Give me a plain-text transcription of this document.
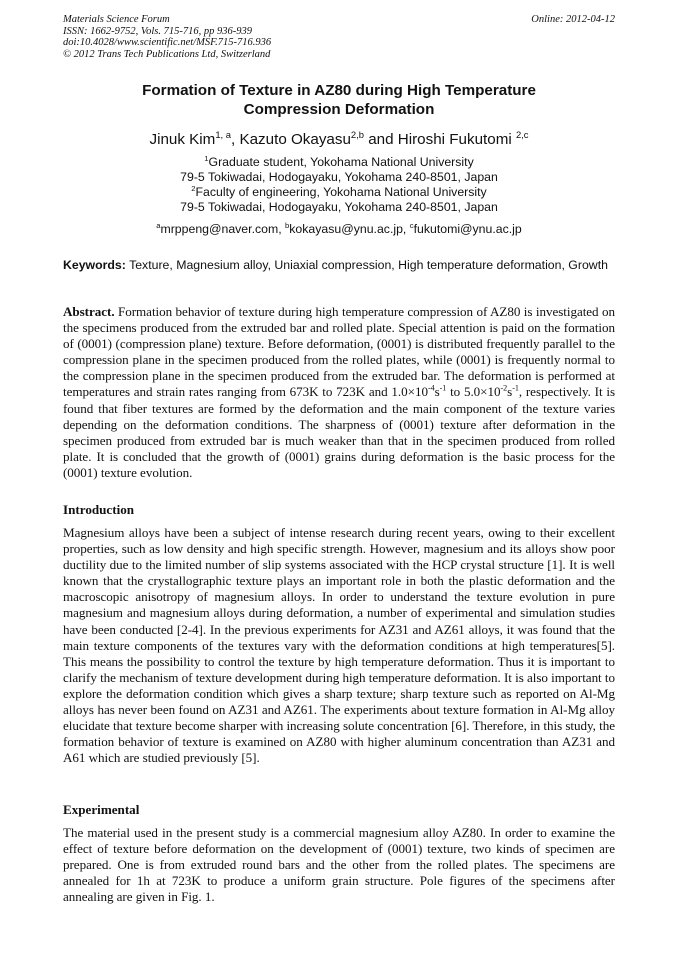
Materials Science Forum
ISSN: 1662-9752, Vols. 715-716, pp 936-939
doi:10.4028/www.scientific.net/MSF.715-716.936
© 2012 Trans Tech Publications Ltd, Switzerland
Online: 2012-04-12
Formation of Texture in AZ80 during High Temperature
Compression Deformation
Jinuk Kim$^{1, a}$, Kazuto Okayasu$^{2,b}$ and Hiroshi Fukutomi $^{2,c}$
$^1$Graduate student, Yokohama National University
79-5 Tokiwadai, Hodogayaku, Yokohama 240-8501, Japan
$^2$Faculty of engineering, Yokohama National University
79-5 Tokiwadai, Hodogayaku, Yokohama 240-8501, Japan
$^a$mrppeng@naver.com, $^b$kokayasu@ynu.ac.jp, $^c$fukutomi@ynu.ac.jp
Keywords: Texture, Magnesium alloy, Uniaxial compression, High temperature deformation, Growth
Abstract. Formation behavior of texture during high temperature compression of AZ80 is investigated on the specimens produced from the extruded bar and rolled plate. Special attention is paid on the formation of (0001) (compression plane) texture. Before deformation, (0001) is distributed frequently parallel to the compression plane in the specimen produced from the rolled plates, while (0001) is frequently normal to the compression plane in the specimen produced from the extruded bar. The deformation is performed at temperatures and strain rates ranging from 673K to 723K and $1.0\times 10^{-4}s^{-1}$ to $5.0\times 10^{-2}s^{-1}$, respectively. It is found that fiber textures are formed by the deformation and the main component of the texture varies depending on the deformation conditions. The sharpness of (0001) texture after deformation in the specimen produced from extruded bar is much weaker than that in the specimen produced from rolled plate. It is concluded that the growth of (0001) grains during deformation is the basic process for the (0001) texture evolution.
Introduction
Magnesium alloys have been a subject of intense research during recent years, owing to their excellent properties, such as low density and high specific strength. However, magnesium and its alloys show poor ductility due to the limited number of slip systems associated with the HCP crystal structure [1]. It is well known that the crystallographic texture plays an important role in both the plastic deformation and the macroscopic anisotropy of magnesium alloys. In order to understand the texture evolution in pure magnesium and magnesium alloys during deformation, a number of experimental and simulation studies have been conducted [2-4]. In the previous experiments for AZ31 and AZ61 alloys, it was found that the main texture components of the textures vary with the deformation conditions at high temperatures[5]. This means the possibility to control the texture by high temperature deformation. Thus it is important to clarify the mechanism of texture development during high temperature deformation. It is also important to explore the deformation condition which gives a sharp texture; sharp texture such as reported on Al-Mg alloys has never been found on AZ31 and AZ61. The experiments about texture formation in Al-Mg alloy elucidate that texture become sharper with increasing solute concentration [6]. Therefore, in this study, the formation behavior of texture is examined on AZ80 with higher aluminum concentration than AZ31 and A61 which are studied previously [5].
Experimental
The material used in the present study is a commercial magnesium alloy AZ80. In order to examine the effect of texture before deformation on the development of (0001) texture, two kinds of specimen are prepared. One is from extruded round bars and the other from the rolled plates. The specimens are annealed for 1h at 723K to produce a uniform grain structure. Pole figures of the specimens after annealing are given in Fig. 1.
